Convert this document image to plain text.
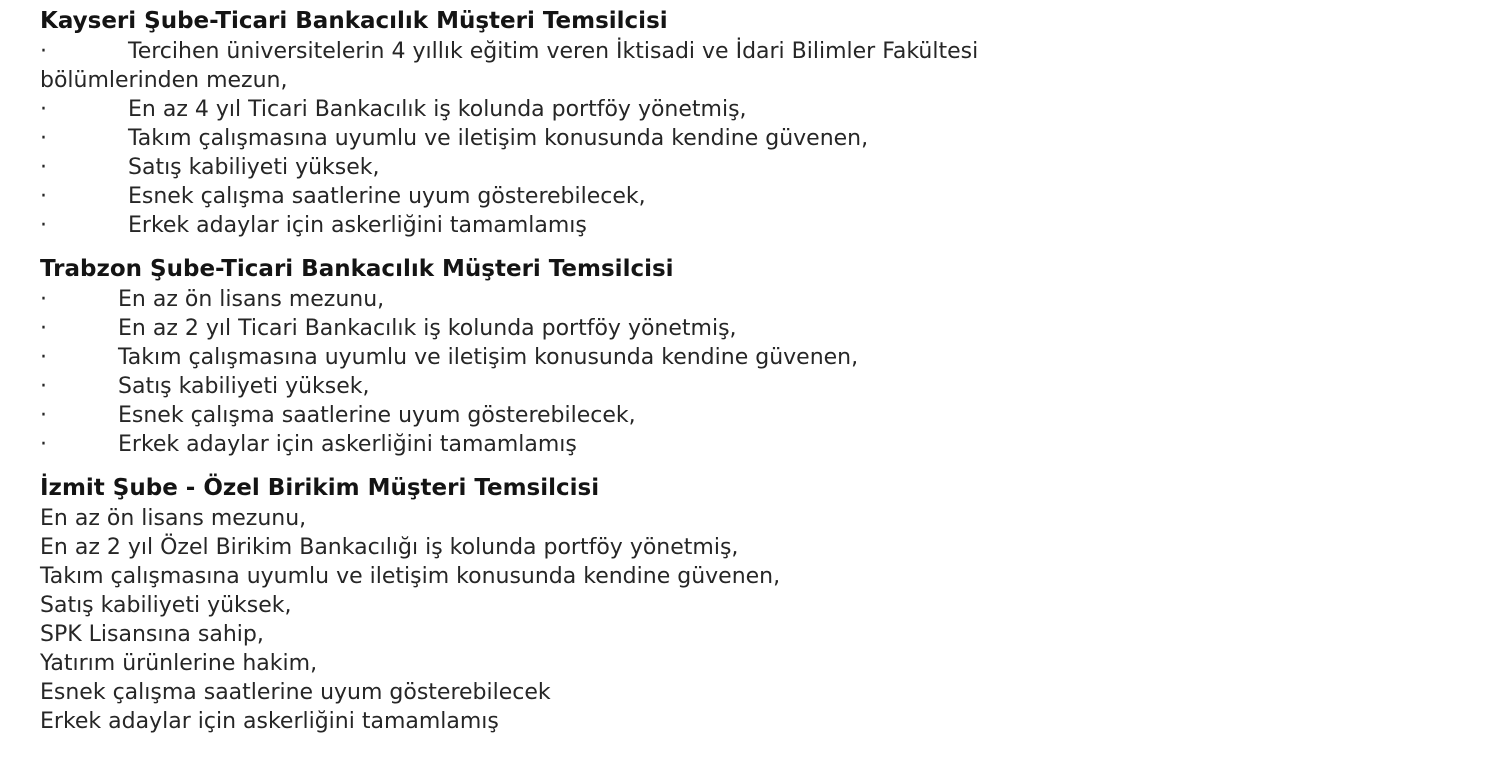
Kayseri Şube-Ticari Bankacılık Müşteri Temsilcisi
·	Tercihen üniversitelerin 4 yıllık eğitim veren İktisadi ve İdari Bilimler Fakültesi
bölümlerinden mezun,
·	En az 4 yıl Ticari Bankacılık iş kolunda portföy yönetmiş,
·	Takım çalışmasına uyumlu ve iletişim konusunda kendine güvenen,
·	Satış kabiliyeti yüksek,
·	Esnek çalışma saatlerine uyum gösterebilecek,
·	Erkek adaylar için askerliğini tamamlamış
Trabzon Şube-Ticari Bankacılık Müşteri Temsilcisi
·	En az ön lisans mezunu,
·	En az 2 yıl Ticari Bankacılık iş kolunda portföy yönetmiş,
·	Takım çalışmasına uyumlu ve iletişim konusunda kendine güvenen,
·	Satış kabiliyeti yüksek,
·	Esnek çalışma saatlerine uyum gösterebilecek,
·	Erkek adaylar için askerliğini tamamlamış
İzmit Şube - Özel Birikim Müşteri Temsilcisi
En az ön lisans mezunu,
En az 2 yıl Özel Birikim Bankacılığı iş kolunda portföy yönetmiş,
Takım çalışmasına uyumlu ve iletişim konusunda kendine güvenen,
Satış kabiliyeti yüksek,
SPK Lisansına sahip,
Yatırım ürünlerine hakim,
Esnek çalışma saatlerine uyum gösterebilecek
Erkek adaylar için askerliğini tamamlamış
